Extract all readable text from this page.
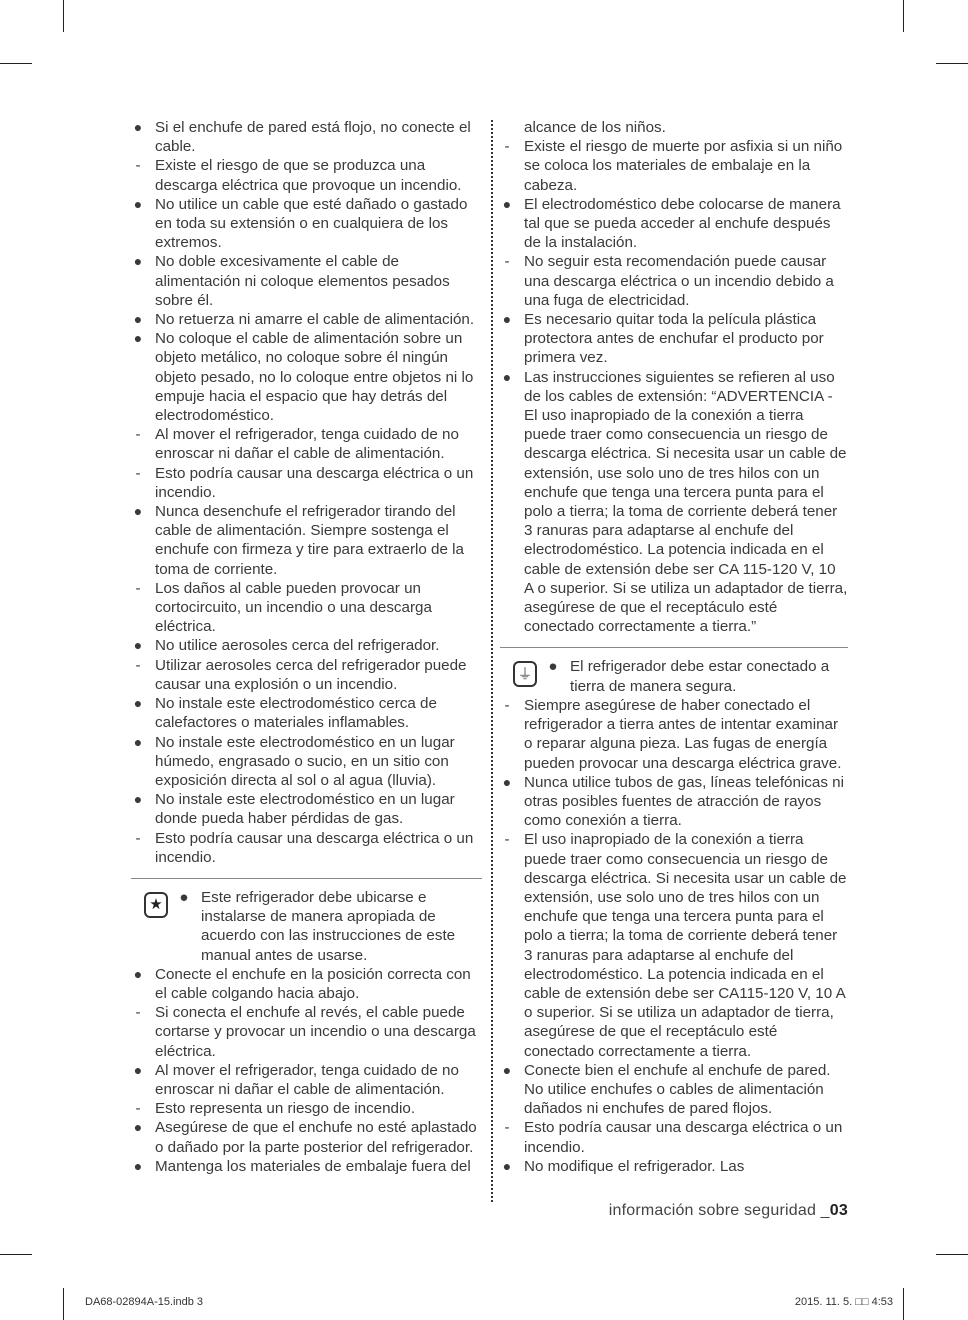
● Si el enchufe de pared está flojo, no conecte el cable.
- Existe el riesgo de que se produzca una descarga eléctrica que provoque un incendio.
● No utilice un cable que esté dañado o gastado en toda su extensión o en cualquiera de los extremos.
● No doble excesivamente el cable de alimentación ni coloque elementos pesados sobre él.
● No retuerza ni amarre el cable de alimentación.
● No coloque el cable de alimentación sobre un objeto metálico, no coloque sobre él ningún objeto pesado, no lo coloque entre objetos ni lo empuje hacia el espacio que hay detrás del electrodoméstico.
- Al mover el refrigerador, tenga cuidado de no enroscar ni dañar el cable de alimentación.
- Esto podría causar una descarga eléctrica o un incendio.
● Nunca desenchufe el refrigerador tirando del cable de alimentación. Siempre sostenga el enchufe con firmeza y tire para extraerlo de la toma de corriente.
- Los daños al cable pueden provocar un cortocircuito, un incendio o una descarga eléctrica.
● No utilice aerosoles cerca del refrigerador.
- Utilizar aerosoles cerca del refrigerador puede causar una explosión o un incendio.
● No instale este electrodoméstico cerca de calefactores o materiales inflamables.
● No instale este electrodoméstico en un lugar húmedo, engrasado o sucio, en un sitio con exposición directa al sol o al agua (lluvia).
● No instale este electrodoméstico en un lugar donde pueda haber pérdidas de gas.
- Esto podría causar una descarga eléctrica o un incendio.
★	● Este refrigerador debe ubicarse e instalarse de manera apropiada de acuerdo con las instrucciones de este manual antes de usarse.
● Conecte el enchufe en la posición correcta con el cable colgando hacia abajo.
- Si conecta el enchufe al revés, el cable puede cortarse y provocar un incendio o una descarga eléctrica.
● Al mover el refrigerador, tenga cuidado de no enroscar ni dañar el cable de alimentación.
- Esto representa un riesgo de incendio.
● Asegúrese de que el enchufe no esté aplastado o dañado por la parte posterior del refrigerador.
● Mantenga los materiales de embalaje fuera del
alcance de los niños.
- Existe el riesgo de muerte por asfixia si un niño se coloca los materiales de embalaje en la cabeza.
● El electrodoméstico debe colocarse de manera tal que se pueda acceder al enchufe después de la instalación.
- No seguir esta recomendación puede causar una descarga eléctrica o un incendio debido a una fuga de electricidad.
● Es necesario quitar toda la película plástica protectora antes de enchufar el producto por primera vez.
● Las instrucciones siguientes se refieren al uso de los cables de extensión: “ADVERTENCIA - El uso inapropiado de la conexión a tierra puede traer como consecuencia un riesgo de descarga eléctrica. Si necesita usar un cable de extensión, use solo uno de tres hilos con un enchufe que tenga una tercera punta para el polo a tierra; la toma de corriente deberá tener 3 ranuras para adaptarse al enchufe del electrodoméstico. La potencia indicada en el cable de extensión debe ser CA 115-120 V, 10 A o superior. Si se utiliza un adaptador de tierra, asegúrese de que el receptáculo esté conectado correctamente a tierra.”
⏚ ● El refrigerador debe estar conectado a tierra de manera segura.
- Siempre asegúrese de haber conectado el refrigerador a tierra antes de intentar examinar o reparar alguna pieza. Las fugas de energía pueden provocar una descarga eléctrica grave.
● Nunca utilice tubos de gas, líneas telefónicas ni otras posibles fuentes de atracción de rayos como conexión a tierra.
- El uso inapropiado de la conexión a tierra puede traer como consecuencia un riesgo de descarga eléctrica. Si necesita usar un cable de extensión, use solo uno de tres hilos con un enchufe que tenga una tercera punta para el polo a tierra; la toma de corriente deberá tener 3 ranuras para adaptarse al enchufe del electrodoméstico. La potencia indicada en el cable de extensión debe ser CA115-120 V, 10 A o superior. Si se utiliza un adaptador de tierra, asegúrese de que el receptáculo esté conectado correctamente a tierra.
● Conecte bien el enchufe al enchufe de pared. No utilice enchufes o cables de alimentación dañados ni enchufes de pared flojos.
- Esto podría causar una descarga eléctrica o un incendio.
● No modifique el refrigerador. Las
información sobre seguridad _03
DA68-02894A-15.indb 3	2015. 11. 5. □□ 4:53
